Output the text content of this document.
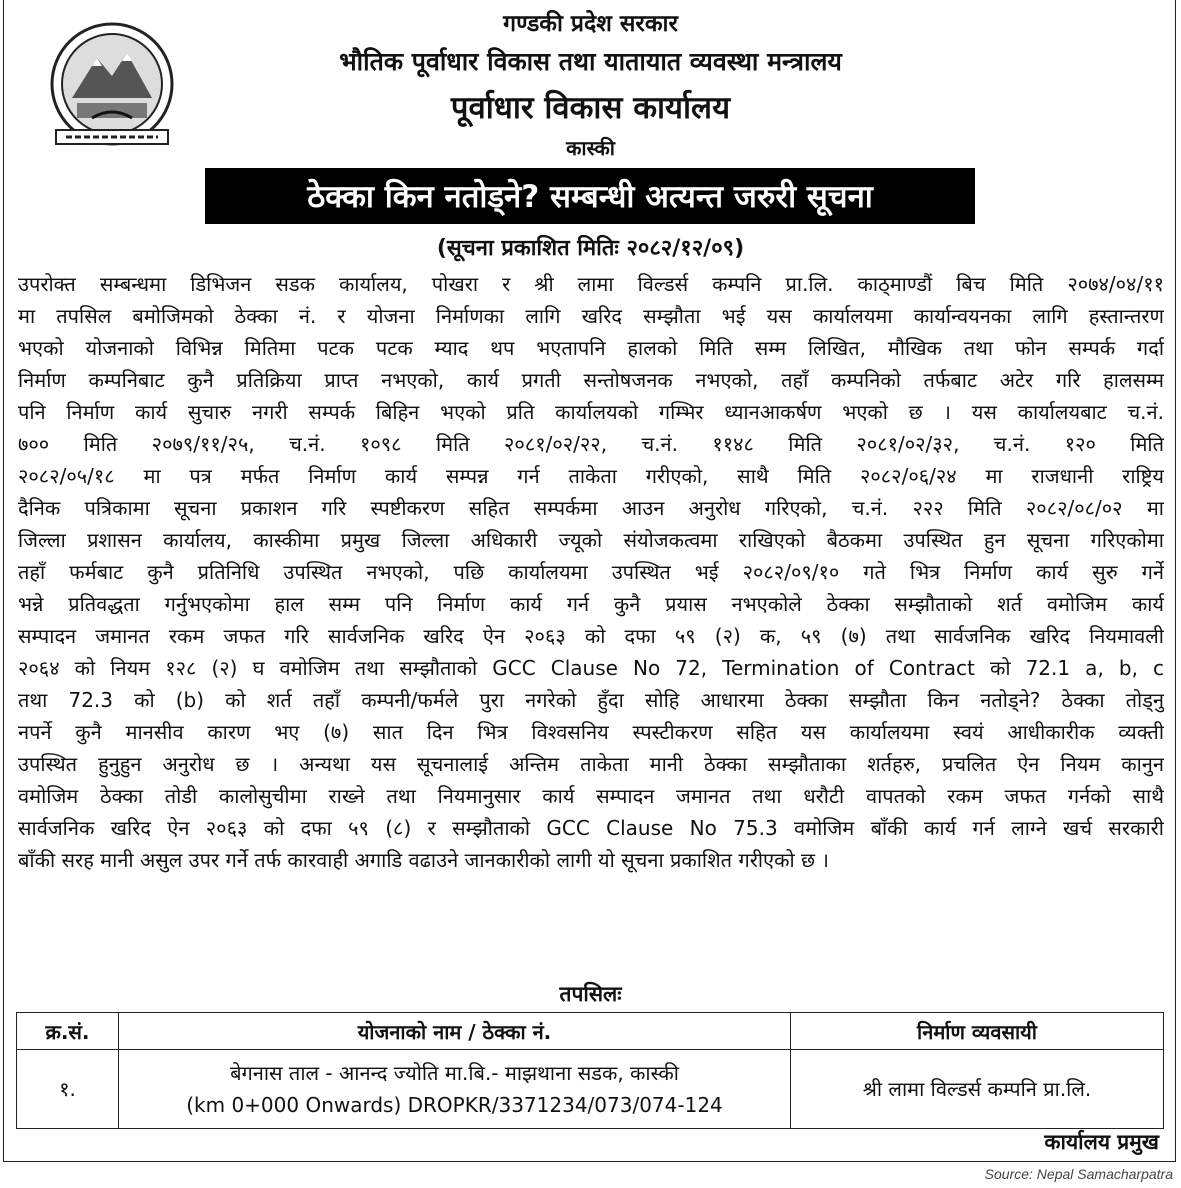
गण्डकी प्रदेश सरकार
भौतिक पूर्वाधार विकास तथा यातायात व्यवस्था मन्त्रालय
पूर्वाधार विकास कार्यालय
कास्की
ठेक्का किन नतोड्ने? सम्बन्धी अत्यन्त जरुरी सूचना
(सूचना प्रकाशित मितिः २०८२/१२/०९)
उपरोक्त सम्बन्धमा डिभिजन सडक कार्यालय, पोखरा र श्री लामा विल्डर्स कम्पनि प्रा.लि. काठ्माण्डौं बिच मिति २०७४/०४/११
मा तपसिल बमोजिमको ठेक्का नं. र योजना निर्माणका लागि खरिद सम्झौता भई यस कार्यालयमा कार्यान्वयनका लागि हस्तान्तरण
भएको योजनाको विभिन्न मितिमा पटक पटक म्याद थप भएतापनि हालको मिति सम्म लिखित, मौखिक तथा फोन सम्पर्क गर्दा
निर्माण कम्पनिबाट कुनै प्रतिक्रिया प्राप्त नभएको, कार्य प्रगती सन्तोषजनक नभएको, तहाँ कम्पनिको तर्फबाट अटेर गरि हालसम्म
पनि निर्माण कार्य सुचारु नगरी सम्पर्क बिहिन भएको प्रति कार्यालयको गम्भिर ध्यानआकर्षण भएको छ । यस कार्यालयबाट च.नं.
७०० मिति २०७९/११/२५, च.नं. १०९८ मिति २०८१/०२/२२, च.नं. ११४८ मिति २०८१/०२/३२, च.नं. १२० मिति
२०८२/०५/१८ मा पत्र मर्फत निर्माण कार्य सम्पन्न गर्न ताकेता गरीएको, साथै मिति २०८२/०६/२४ मा राजधानी राष्ट्रिय
दैनिक पत्रिकामा सूचना प्रकाशन गरि स्पष्टीकरण सहित सम्पर्कमा आउन अनुरोध गरिएको, च.नं. २२२ मिति २०८२/०८/०२ मा
जिल्ला प्रशासन कार्यालय, कास्कीमा प्रमुख जिल्ला अधिकारी ज्यूको संयोजकत्वमा राखिएको बैठकमा उपस्थित हुन सूचना गरिएकोमा
तहाँ फर्मबाट कुनै प्रतिनिधि उपस्थित नभएको, पछि कार्यालयमा उपस्थित भई २०८२/०९/१० गते भित्र निर्माण कार्य सुरु गर्ने
भन्ने प्रतिवद्धता गर्नुभएकोमा हाल सम्म पनि निर्माण कार्य गर्न कुनै प्रयास नभएकोले ठेक्का सम्झौताको शर्त वमोजिम कार्य
सम्पादन जमानत रकम जफत गरि सार्वजनिक खरिद ऐन २०६३ को दफा ५९ (२) क, ५९ (७) तथा सार्वजनिक खरिद नियमावली
२०६४ को नियम १२८ (२) घ वमोजिम तथा सम्झौताको GCC Clause No 72, Termination of Contract को 72.1 a, b, c
तथा 72.3 को (b) को शर्त तहाँ कम्पनी/फर्मले पुरा नगरेको हुँदा सोहि आधारमा ठेक्का सम्झौता किन नतोड्ने? ठेक्का तोड्नु
नपर्ने कुनै मानसीव कारण भए (७) सात दिन भित्र विश्वसनिय स्पस्टीकरण सहित यस कार्यालयमा स्वयं आधीकारीक व्यक्ती
उपस्थित हुनुहुन अनुरोध छ । अन्यथा यस सूचनालाई अन्तिम ताकेता मानी ठेक्का सम्झौताका शर्तहरु, प्रचलित ऐन नियम कानुन
वमोजिम ठेक्का तोडी कालोसुचीमा राख्ने तथा नियमानुसार कार्य सम्पादन जमानत तथा धरौटी वापतको रकम जफत गर्नको साथै
सार्वजनिक खरिद ऐन २०६३ को दफा ५९ (८) र सम्झौताको GCC Clause No 75.3 वमोजिम बाँकी कार्य गर्न लाग्ने खर्च सरकारी
बाँकी सरह मानी असुल उपर गर्ने तर्फ कारवाही अगाडि वढाउने जानकारीको लागी यो सूचना प्रकाशित गरीएको छ ।
तपसिलः
क्र.सं.	योजनाको नाम / ठेक्का नं.	निर्माण व्यवसायी
१.	बेगनास ताल - आनन्द ज्योति मा.बि.- माझथाना सडक, कास्की
(km 0+000 Onwards) DROPKR/3371234/073/074-124	श्री लामा विल्डर्स कम्पनि प्रा.लि.
कार्यालय प्रमुख
Source: Nepal Samacharpatra
